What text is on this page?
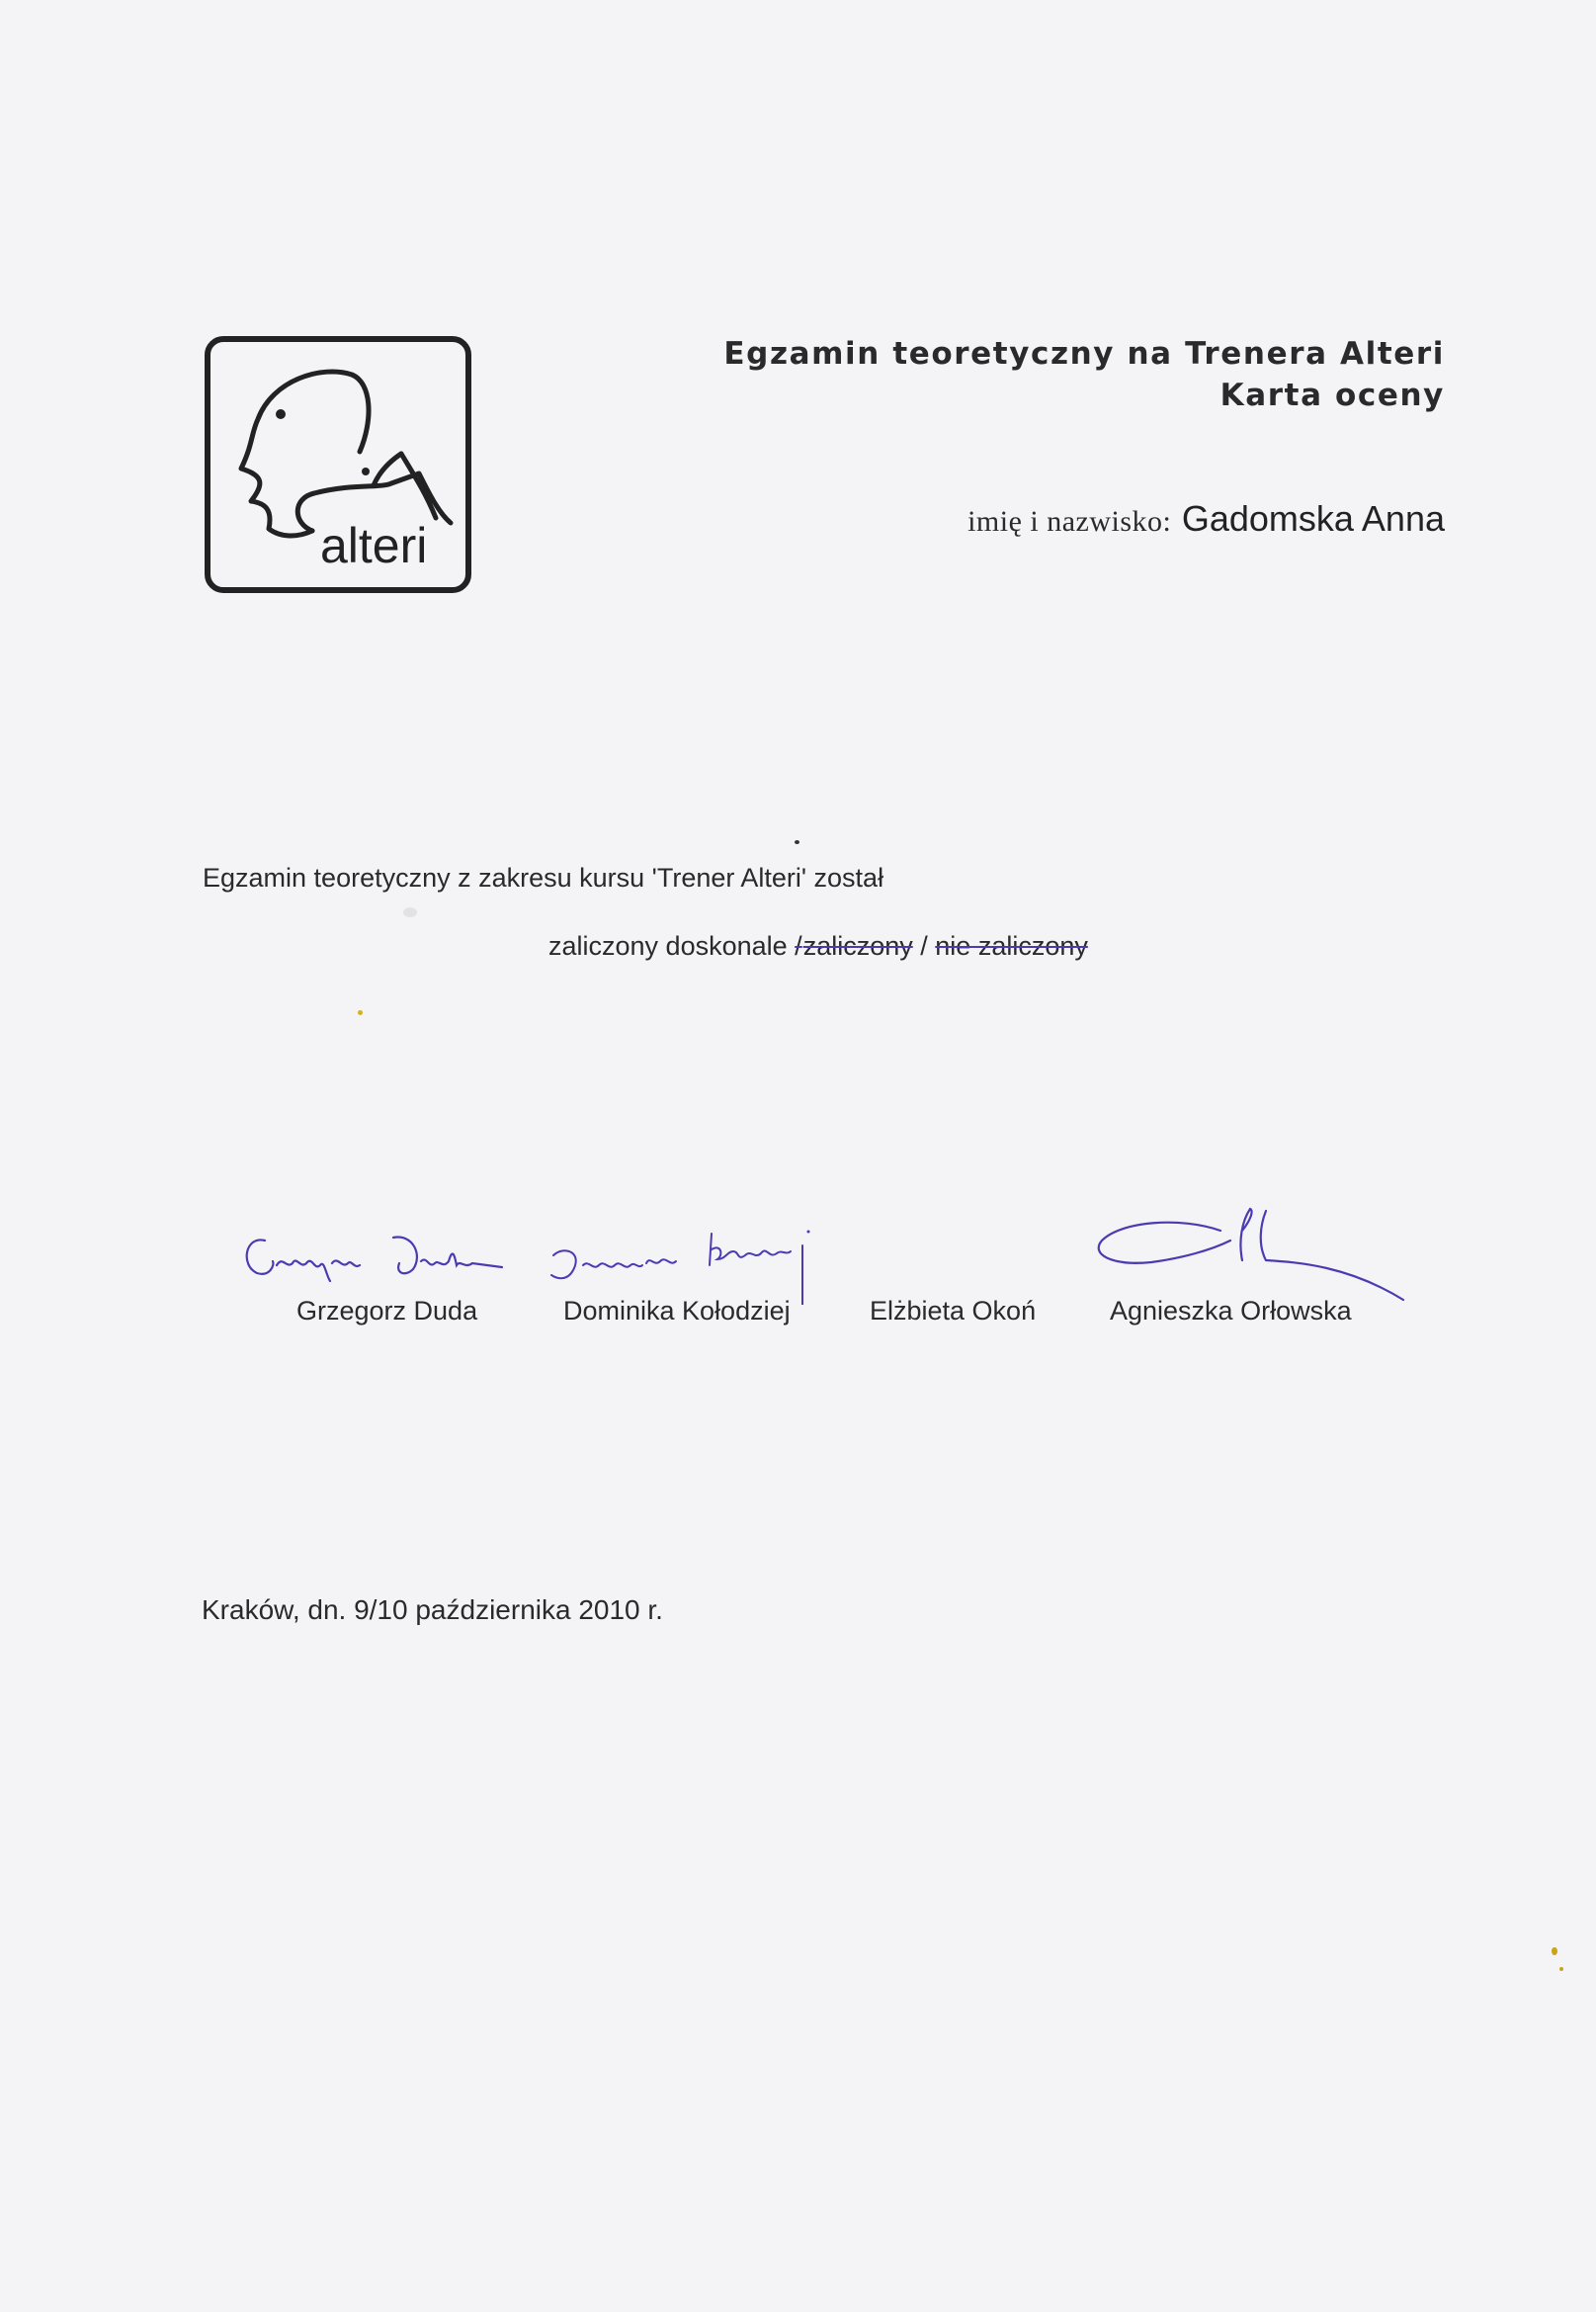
alteri
Egzamin teoretyczny na Trenera Alteri
Karta oceny
imię i nazwisko: Gadomska Anna
Egzamin teoretyczny z zakresu kursu 'Trener Alteri' został
zaliczony doskonale /zaliczony / nie zaliczony
Grzegorz Duda	Dominika Kołodziej	Elżbieta Okoń	Agnieszka Orłowska
Kraków, dn. 9/10 października 2010 r.
